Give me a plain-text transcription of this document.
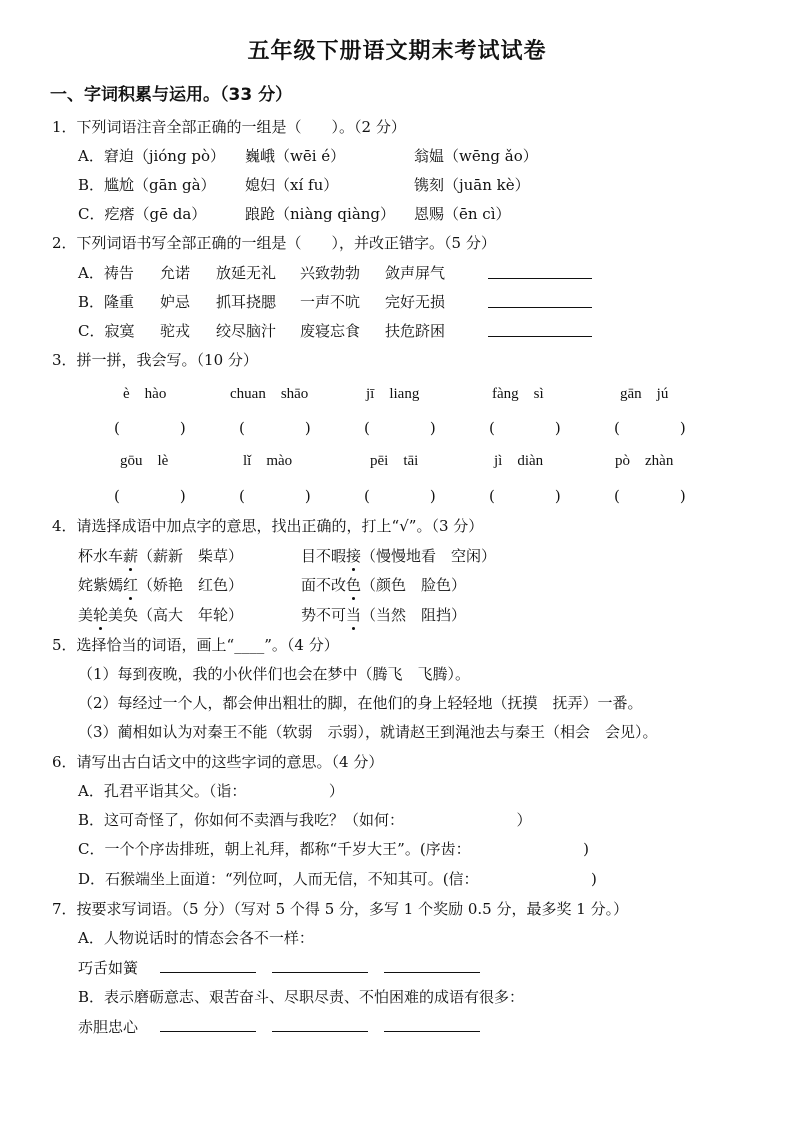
五年级下册语文期末考试试卷
一、字词积累与运用。（33 分）
1．下列词语注音全部正确的一组是（　　）。（2 分）
A．窘迫（jióng pò） 巍峨（wēi é）	翁媪（wēng ǎo）
B．尴尬（gān gà） 媳妇（xí fu）	镌刻（juān kè）
C．疙瘩（gē da）	踉跄（niàng qiàng） 恩赐（ēn cì）
2．下列词语书写全部正确的一组是（　　），并改正错字。（5 分）
A．祷告 允诺 放延无礼 兴致勃勃 敛声屏气
B．隆重 妒忌 抓耳挠腮 一声不吭 完好无损
C．寂寞 驼戎 绞尽脑汁 废寝忘食 扶危跻困
3．拼一拼，我会写。（10 分）
è　hào	chuan　shāo	jī　liang	fàng　sì	gān　jú
(　　　　)	(　　　　)	(　　　　)	(　　　　)	(　　　　)
gōu　lè	lǐ　mào	pēi　tāi	jì　diàn	pò　zhàn
(　　　　)	(　　　　)	(　　　　)	(　　　　)	(　　　　)
4．请选择成语中加点字的意思，找出正确的，打上“√”。（3 分）
杯水车薪（薪新　柴草）	目不暇接（慢慢地看　空闲）
姹紫嫣红（娇艳　红色）	面不改色（颜色　脸色）
美轮美奂（高大　年轮）	势不可当（当然　阻挡）
5．选择恰当的词语，画上“____”。（4 分）
（1）每到夜晚，我的小伙伴们也会在梦中（腾飞　飞腾）。
（2）每经过一个人，都会伸出粗壮的脚，在他们的身上轻轻地（抚摸　抚弄）一番。
（3）蔺相如认为对秦王不能（软弱　示弱），就请赵王到渑池去与秦王（相会　会见）。
6．请写出古白话文中的这些字词的意思。（4 分）
A．孔君平诣其父。（诣：　　　　　　）
B．这可奇怪了，你如何不卖酒与我吃？（如何：　　　　　　　　）
C．一个个序齿排班，朝上礼拜，都称“千岁大王”。(序齿：　　　　　　　　)
D．石猴端坐上面道：“列位呵，人而无信，不知其可。(信：　　　　　　　　)
7．按要求写词语。（5 分）（写对 5 个得 5 分，多写 1 个奖励 0.5 分，最多奖 1 分。）
A．人物说话时的情态会各不一样：
巧舌如簧
B．表示磨砺意志、艰苦奋斗、尽职尽责、不怕困难的成语有很多：
赤胆忠心
